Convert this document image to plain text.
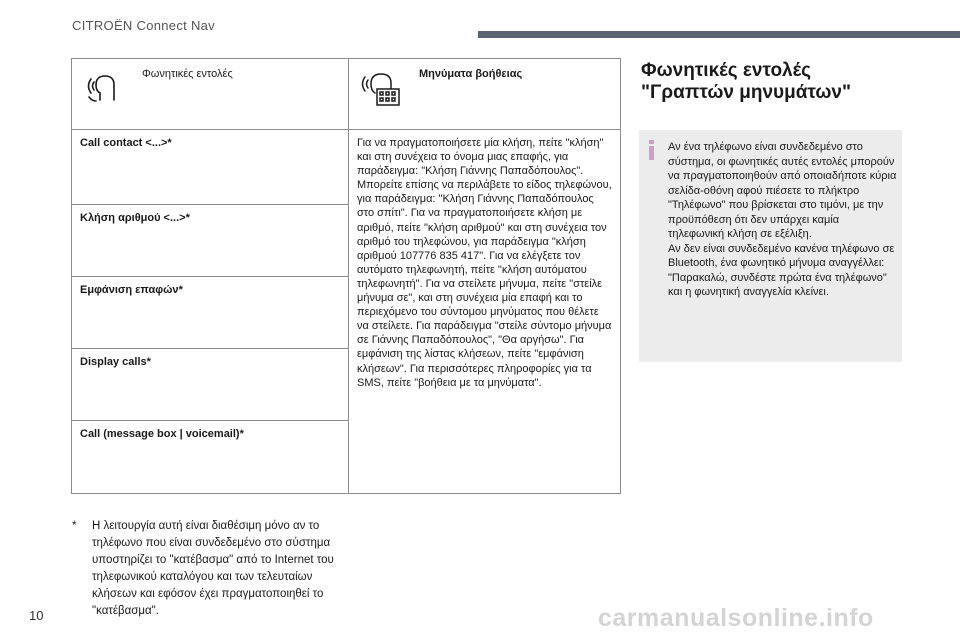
CITROËN Connect Nav
Φωνητικές εντολές	Μηνύματα βοήθειας

Call contact <...>*	Για να πραγματοποιήσετε μία κλήση, πείτε "κλήση" και στη συνέχεια το όνομα μιας επαφής, για παράδειγμα: "Κλήση Γιάννης Παπαδόπουλος". Μπορείτε επίσης να περιλάβετε το είδος τηλεφώνου, για παράδειγμα: "Κλήση Γιάννης Παπαδόπουλος στο σπίτι". Για να πραγματοποιήσετε κλήση με αριθμό, πείτε "κλήση αριθμού" και στη συνέχεια τον αριθμό του τηλεφώνου, για παράδειγμα "κλήση αριθμού 107776 835 417". Για να ελέγξετε τον αυτόματο τηλεφωνητή, πείτε "κλήση αυτόματου τηλεφωνητή". Για να στείλετε μήνυμα, πείτε "στείλε μήνυμα σε", και στη συνέχεια μία επαφή και το περιεχόμενο του σύντομου μηνύματος που θέλετε να στείλετε. Για παράδειγμα "στείλε σύντομο μήνυμα σε Γιάννης Παπαδόπουλος", "Θα αργήσω". Για εμφάνιση της λίστας κλήσεων, πείτε "εμφάνιση κλήσεων". Για περισσότερες πληροφορίες για τα SMS, πείτε "βοήθεια με τα μηνύματα".

Κλήση αριθμού <...>*	
Εμφάνιση επαφών*	
Display calls*	
Call (message box | voicemail)*	
* Η λειτουργία αυτή είναι διαθέσιμη μόνο αν το τηλέφωνο που είναι συνδεδεμένο στο σύστημα υποστηρίζει το "κατέβασμα" από το Internet του τηλεφωνικού καταλόγου και των τελευταίων κλήσεων και εφόσον έχει πραγματοποιηθεί το "κατέβασμα".
Φωνητικές εντολές
"Γραπτών μηνυμάτων"
Αν ένα τηλέφωνο είναι συνδεδεμένο στο σύστημα, οι φωνητικές αυτές εντολές μπορούν να πραγματοποιηθούν από οποιαδήποτε κύρια σελίδα-οθόνη αφού πιέσετε το πλήκτρο "Τηλέφωνο" που βρίσκεται στο τιμόνι, με την προϋπόθεση ότι δεν υπάρχει καμία τηλεφωνική κλήση σε εξέλιξη.
Αν δεν είναι συνδεδεμένο κανένα τηλέφωνο σε Bluetooth, ένα φωνητικό μήνυμα αναγγέλλει: "Παρακαλώ, συνδέστε πρώτα ένα τηλέφωνο" και η φωνητική αναγγελία κλείνει.
10	carmanualsonline.info
